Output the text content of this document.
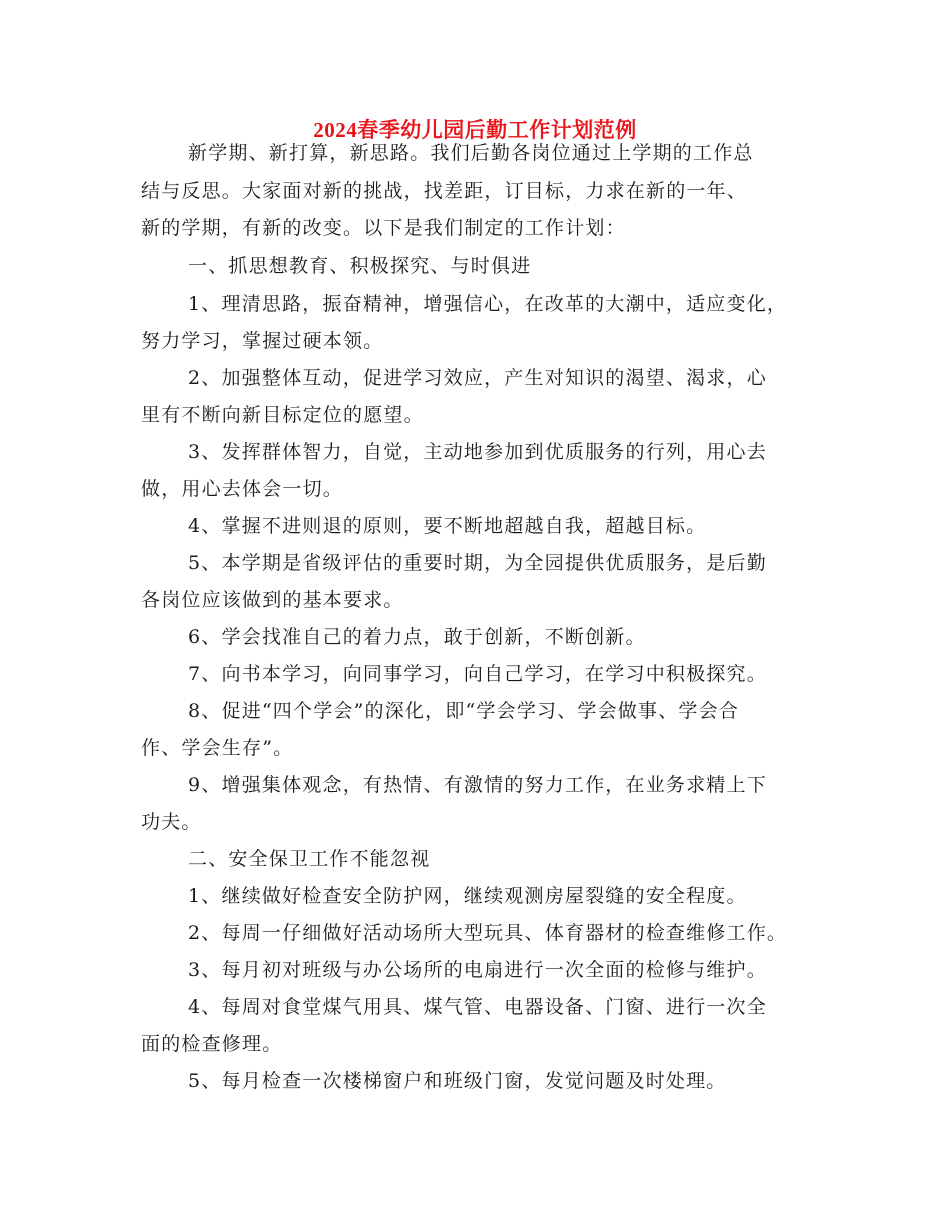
2024春季幼儿园后勤工作计划范例
新学期、新打算，新思路。我们后勤各岗位通过上学期的工作总
结与反思。大家面对新的挑战，找差距，订目标，力求在新的一年、
新的学期，有新的改变。以下是我们制定的工作计划：
一、抓思想教育、积极探究、与时俱进
1、理清思路，振奋精神，增强信心，在改革的大潮中，适应变化，
努力学习，掌握过硬本领。
2、加强整体互动，促进学习效应，产生对知识的渴望、渴求，心
里有不断向新目标定位的愿望。
3、发挥群体智力，自觉，主动地参加到优质服务的行列，用心去
做，用心去体会一切。
4、掌握不进则退的原则，要不断地超越自我，超越目标。
5、本学期是省级评估的重要时期，为全园提供优质服务，是后勤
各岗位应该做到的基本要求。
6、学会找准自己的着力点，敢于创新，不断创新。
7、向书本学习，向同事学习，向自己学习，在学习中积极探究。
8、促进“四个学会”的深化，即“学会学习、学会做事、学会合
作、学会生存”。
9、增强集体观念，有热情、有激情的努力工作，在业务求精上下
功夫。
二、安全保卫工作不能忽视
1、继续做好检查安全防护网，继续观测房屋裂缝的安全程度。
2、每周一仔细做好活动场所大型玩具、体育器材的检查维修工作。
3、每月初对班级与办公场所的电扇进行一次全面的检修与维护。
4、每周对食堂煤气用具、煤气管、电器设备、门窗、进行一次全
面的检查修理。
5、每月检查一次楼梯窗户和班级门窗，发觉问题及时处理。
